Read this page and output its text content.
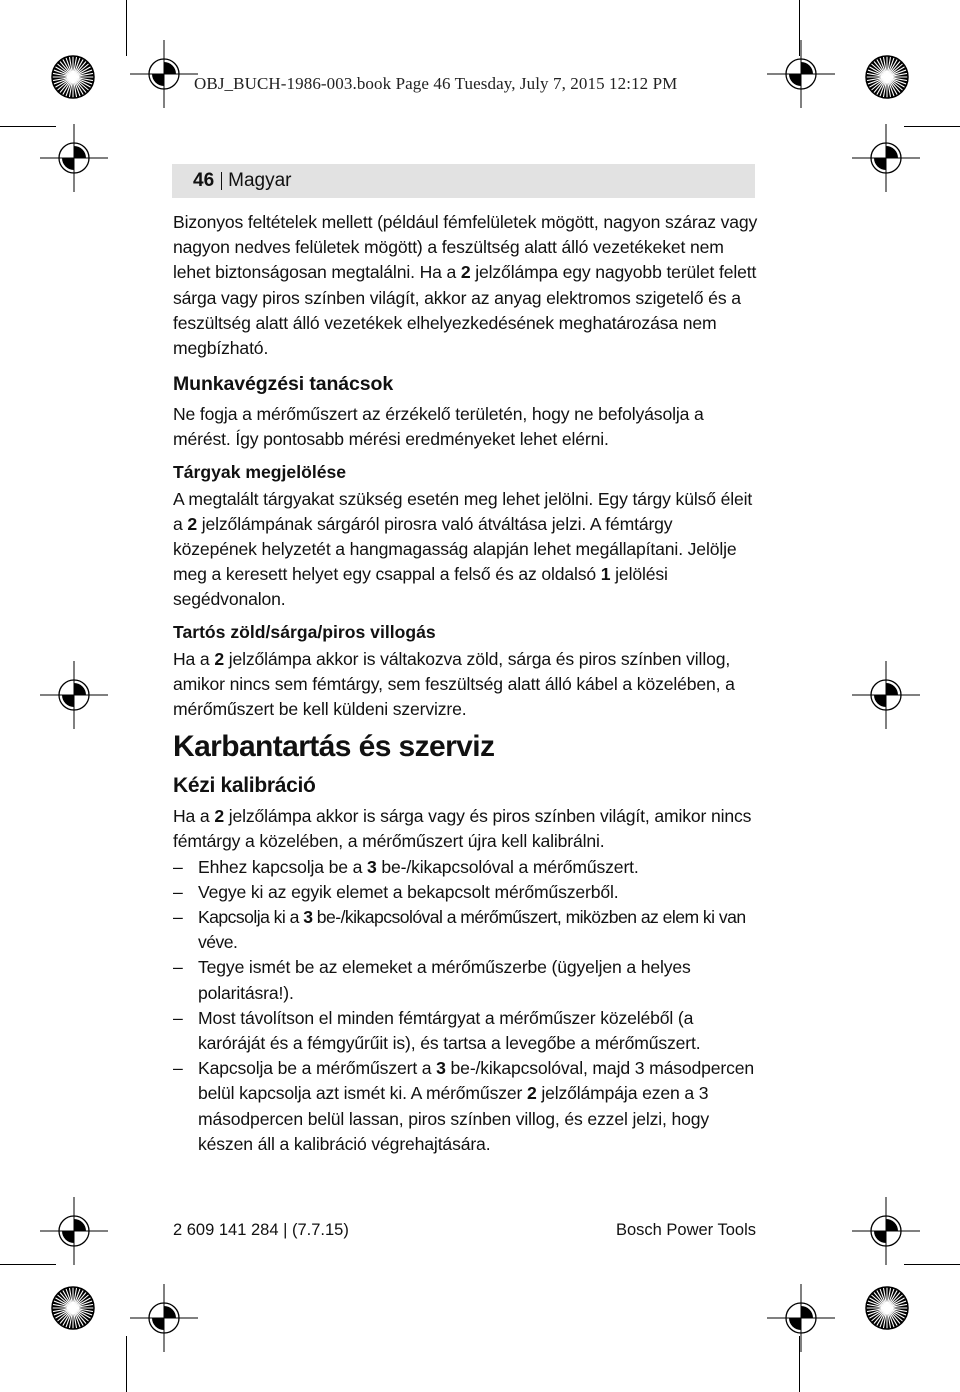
OBJ_BUCH-1986-003.book Page 46 Tuesday, July 7, 2015 12:12 PM
46 Magyar

Bizonyos feltételek mellett (például fémfelületek mögött, nagyon száraz vagy nagyon nedves felületek mögött) a feszültség alatt álló vezetékeket nem lehet biztonságosan megtalálni. Ha a 2 jelzőlámpa egy nagyobb terület felett sárga vagy piros színben világít, akkor az anyag elektromos szigetelő és a feszültség alatt álló vezetékek elhelyezkedésének meghatározása nem megbízható.

Munkavégzési tanácsok

Ne fogja a mérőműszert az érzékelő területén, hogy ne befolyásolja a mérést. Így pontosabb mérési eredményeket lehet elérni.

Tárgyak megjelölése

A megtalált tárgyakat szükség esetén meg lehet jelölni. Egy tárgy külső éleit a 2 jelzőlámpának sárgáról pirosra való átváltása jelzi. A fémtárgy közepének helyzetét a hangmagasság alapján lehet megállapítani. Jelölje meg a keresett helyet egy csappal a felső és az oldalsó 1 jelölési segédvonalon.

Tartós zöld/sárga/piros villogás

Ha a 2 jelzőlámpa akkor is váltakozva zöld, sárga és piros színben villog, amikor nincs sem fémtárgy, sem feszültség alatt álló kábel a közelében, a mérőműszert be kell küldeni szervizre.

Karbantartás és szerviz
Kézi kalibráció

Ha a 2 jelzőlámpa akkor is sárga vagy és piros színben világít, amikor nincs fémtárgy a közelében, a mérőműszert újra kell kalibrálni.

– Ehhez kapcsolja be a 3 be-/kikapcsolóval a mérőműszert.
– Vegye ki az egyik elemet a bekapcsolt mérőműszerből.
– Kapcsolja ki a 3 be-/kikapcsolóval a mérőműszert, miközben az elem ki van véve.
– Tegye ismét be az elemeket a mérőműszerbe (ügyeljen a helyes polaritásra!).
– Most távolítson el minden fémtárgyat a mérőműszer közeléből (a karóráját és a fémgyűrűit is), és tartsa a levegőbe a mérőműszert.
– Kapcsolja be a mérőműszert a 3 be-/kikapcsolóval, majd 3 másodpercen belül kapcsolja azt ismét ki. A mérőműszer 2 jelzőlámpája ezen a 3 másodpercen belül lassan, piros színben villog, és ezzel jelzi, hogy készen áll a kalibráció végrehajtására.
2 609 141 284 | (7.7.15)	Bosch Power Tools
